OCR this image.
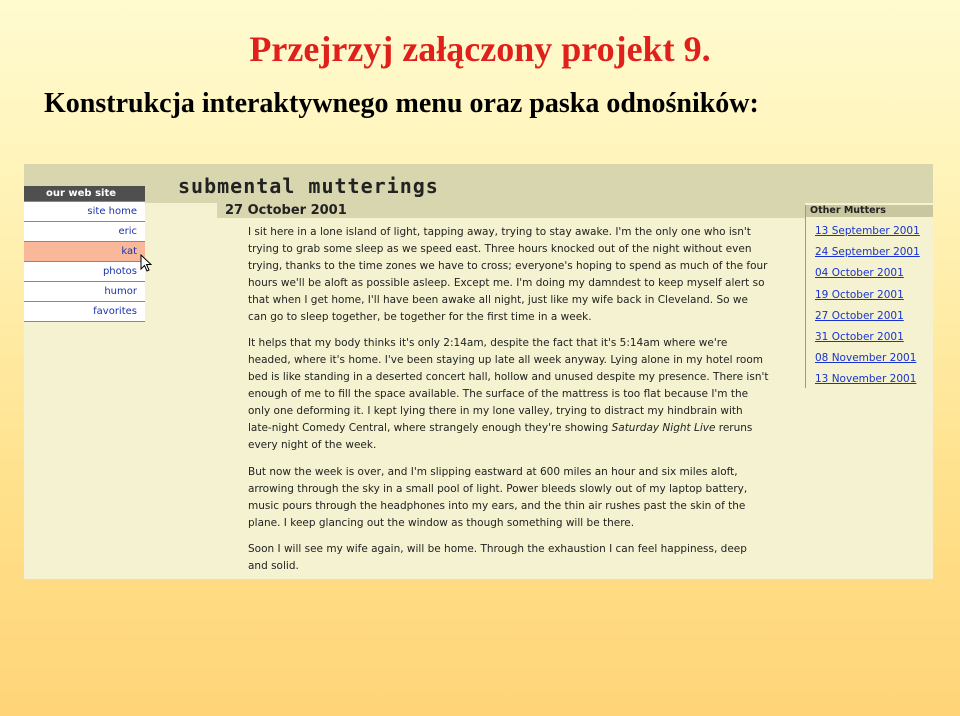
Przejrzyj załączony projekt 9.
Konstrukcja interaktywnego menu oraz paska odnośników:
submental mutterings
our web site
site home
eric
kat
photos
humor
favorites
27 October 2001

I sit here in a lone island of light, tapping away, trying to stay awake. I'm the only one who isn't
trying to grab some sleep as we speed east. Three hours knocked out of the night without even
trying, thanks to the time zones we have to cross; everyone's hoping to spend as much of the four
hours we'll be aloft as possible asleep. Except me. I'm doing my damndest to keep myself alert so
that when I get home, I'll have been awake all night, just like my wife back in Cleveland. So we
can go to sleep together, be together for the first time in a week.

It helps that my body thinks it's only 2:14am, despite the fact that it's 5:14am where we're
headed, where it's home. I've been staying up late all week anyway. Lying alone in my hotel room
bed is like standing in a deserted concert hall, hollow and unused despite my presence. There isn't
enough of me to fill the space available. The surface of the mattress is too flat because I'm the
only one deforming it. I kept lying there in my lone valley, trying to distract my hindbrain with
late-night Comedy Central, where strangely enough they're showing Saturday Night Live reruns
every night of the week.

But now the week is over, and I'm slipping eastward at 600 miles an hour and six miles aloft,
arrowing through the sky in a small pool of light. Power bleeds slowly out of my laptop battery,
music pours through the headphones into my ears, and the thin air rushes past the skin of the
plane. I keep glancing out the window as though something will be there.

Soon I will see my wife again, will be home. Through the exhaustion I can feel happiness, deep
and solid.

Other Mutters
13 September 2001
24 September 2001
04 October 2001
19 October 2001
27 October 2001
31 October 2001
08 November 2001
13 November 2001
